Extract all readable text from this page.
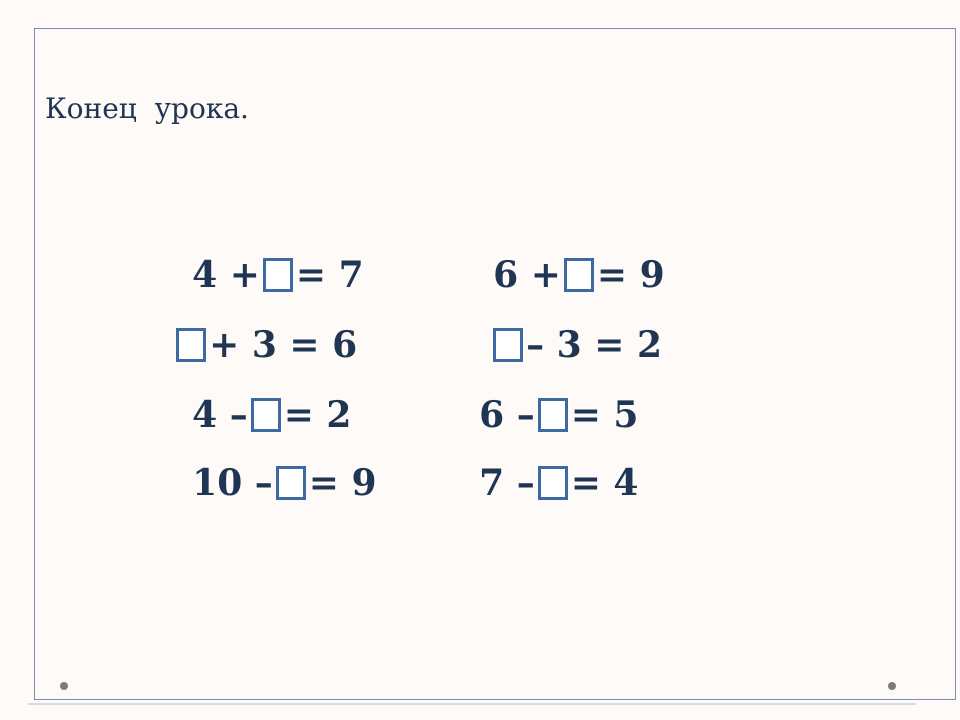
Конец  урока.

4 + = 7
	6 + = 9

+ 3 = 6
	– 3 = 2

4 – = 2
	6 – = 5

10 – = 9
	7 – = 4
